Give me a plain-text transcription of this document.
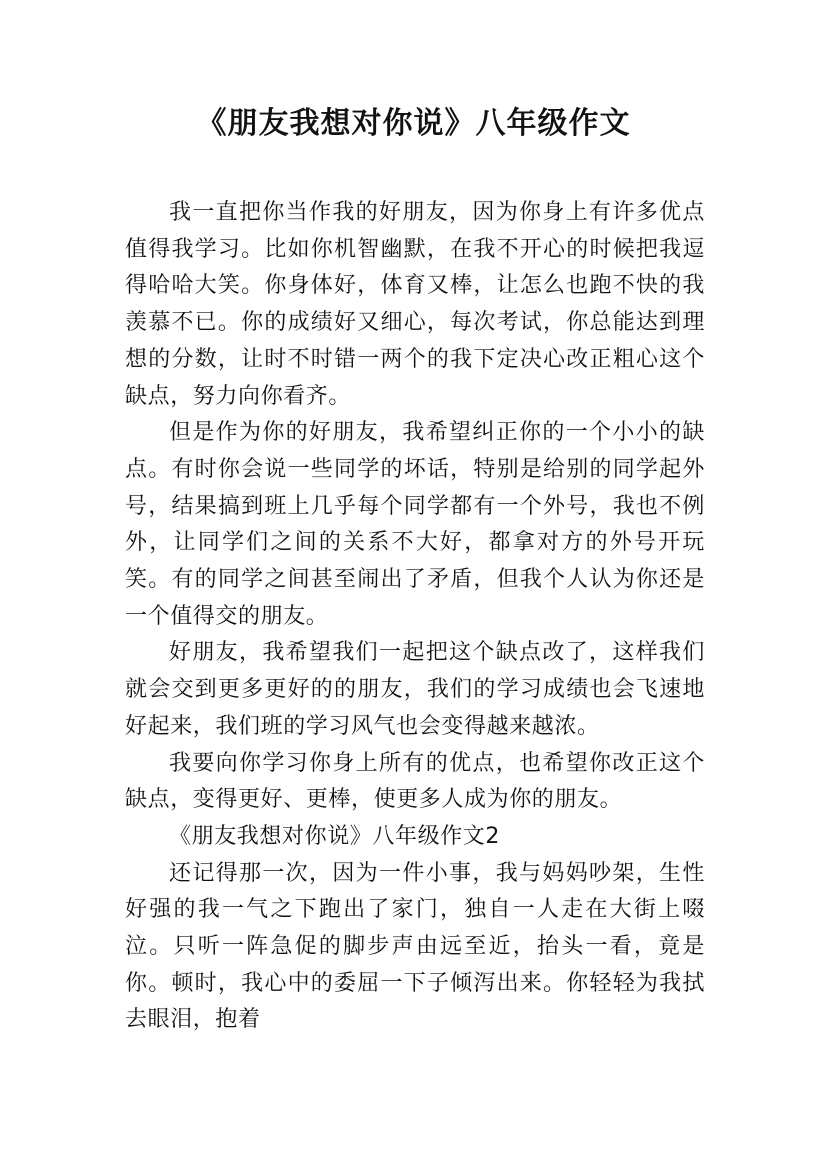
《朋友我想对你说》八年级作文

我一直把你当作我的好朋友，因为你身上有许多优点值得我学习。比如你机智幽默，在我不开心的时候把我逗得哈哈大笑。你身体好，体育又棒，让怎么也跑不快的我羡慕不已。你的成绩好又细心，每次考试，你总能达到理想的分数，让时不时错一两个的我下定决心改正粗心这个缺点，努力向你看齐。

但是作为你的好朋友，我希望纠正你的一个小小的缺点。有时你会说一些同学的坏话，特别是给别的同学起外号，结果搞到班上几乎每个同学都有一个外号，我也不例外，让同学们之间的关系不大好，都拿对方的外号开玩笑。有的同学之间甚至闹出了矛盾，但我个人认为你还是一个值得交的朋友。

好朋友，我希望我们一起把这个缺点改了，这样我们就会交到更多更好的的朋友，我们的学习成绩也会飞速地好起来，我们班的学习风气也会变得越来越浓。

我要向你学习你身上所有的优点，也希望你改正这个缺点，变得更好、更棒，使更多人成为你的朋友。

《朋友我想对你说》八年级作文2

还记得那一次，因为一件小事，我与妈妈吵架，生性好强的我一气之下跑出了家门，独自一人走在大街上啜泣。只听一阵急促的脚步声由远至近，抬头一看，竟是你。顿时，我心中的委屈一下子倾泻出来。你轻轻为我拭去眼泪，抱着
